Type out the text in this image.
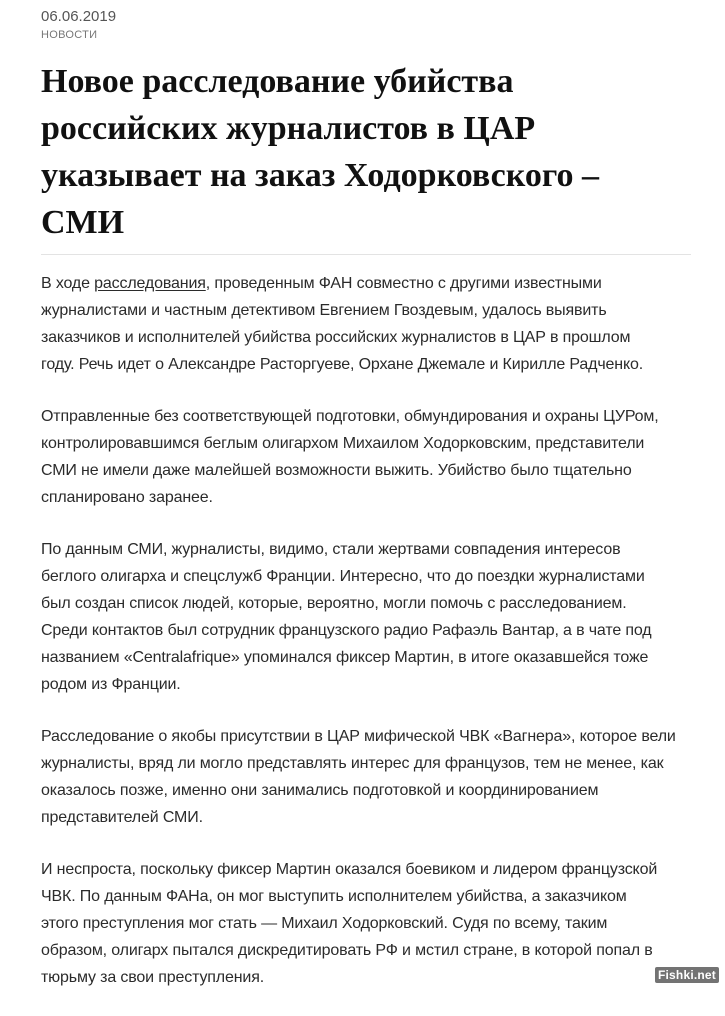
06.06.2019
НОВОСТИ
Новое расследование убийства
российских журналистов в ЦАР
указывает на заказ Ходорковского –
СМИ

В ходе расследования, проведенным ФАН совместно с другими известными
журналистами и частным детективом Евгением Гвоздевым, удалось выявить
заказчиков и исполнителей убийства российских журналистов в ЦАР в прошлом
году. Речь идет о Александре Расторгуеве, Орхане Джемале и Кирилле Радченко.

Отправленные без соответствующей подготовки, обмундирования и охраны ЦУРом,
контролировавшимся беглым олигархом Михаилом Ходорковским, представители
СМИ не имели даже малейшей возможности выжить. Убийство было тщательно
спланировано заранее.

По данным СМИ, журналисты, видимо, стали жертвами совпадения интересов
беглого олигарха и спецслужб Франции. Интересно, что до поездки журналистами
был создан список людей, которые, вероятно, могли помочь с расследованием.
Среди контактов был сотрудник французского радио Рафаэль Вантар, а в чате под
названием «Centralafrique» упоминался фиксер Мартин, в итоге оказавшейся тоже
родом из Франции.

Расследование о якобы присутствии в ЦАР мифической ЧВК «Вагнера», которое вели
журналисты, вряд ли могло представлять интерес для французов, тем не менее, как
оказалось позже, именно они занимались подготовкой и координированием
представителей СМИ.

И неспроста, поскольку фиксер Мартин оказался боевиком и лидером французской
ЧВК. По данным ФАНа, он мог выступить исполнителем убийства, а заказчиком
этого преступления мог стать — Михаил Ходорковский. Судя по всему, таким
образом, олигарх пытался дискредитировать РФ и мстил стране, в которой попал в
тюрьму за свои преступления.	Fishki.net
